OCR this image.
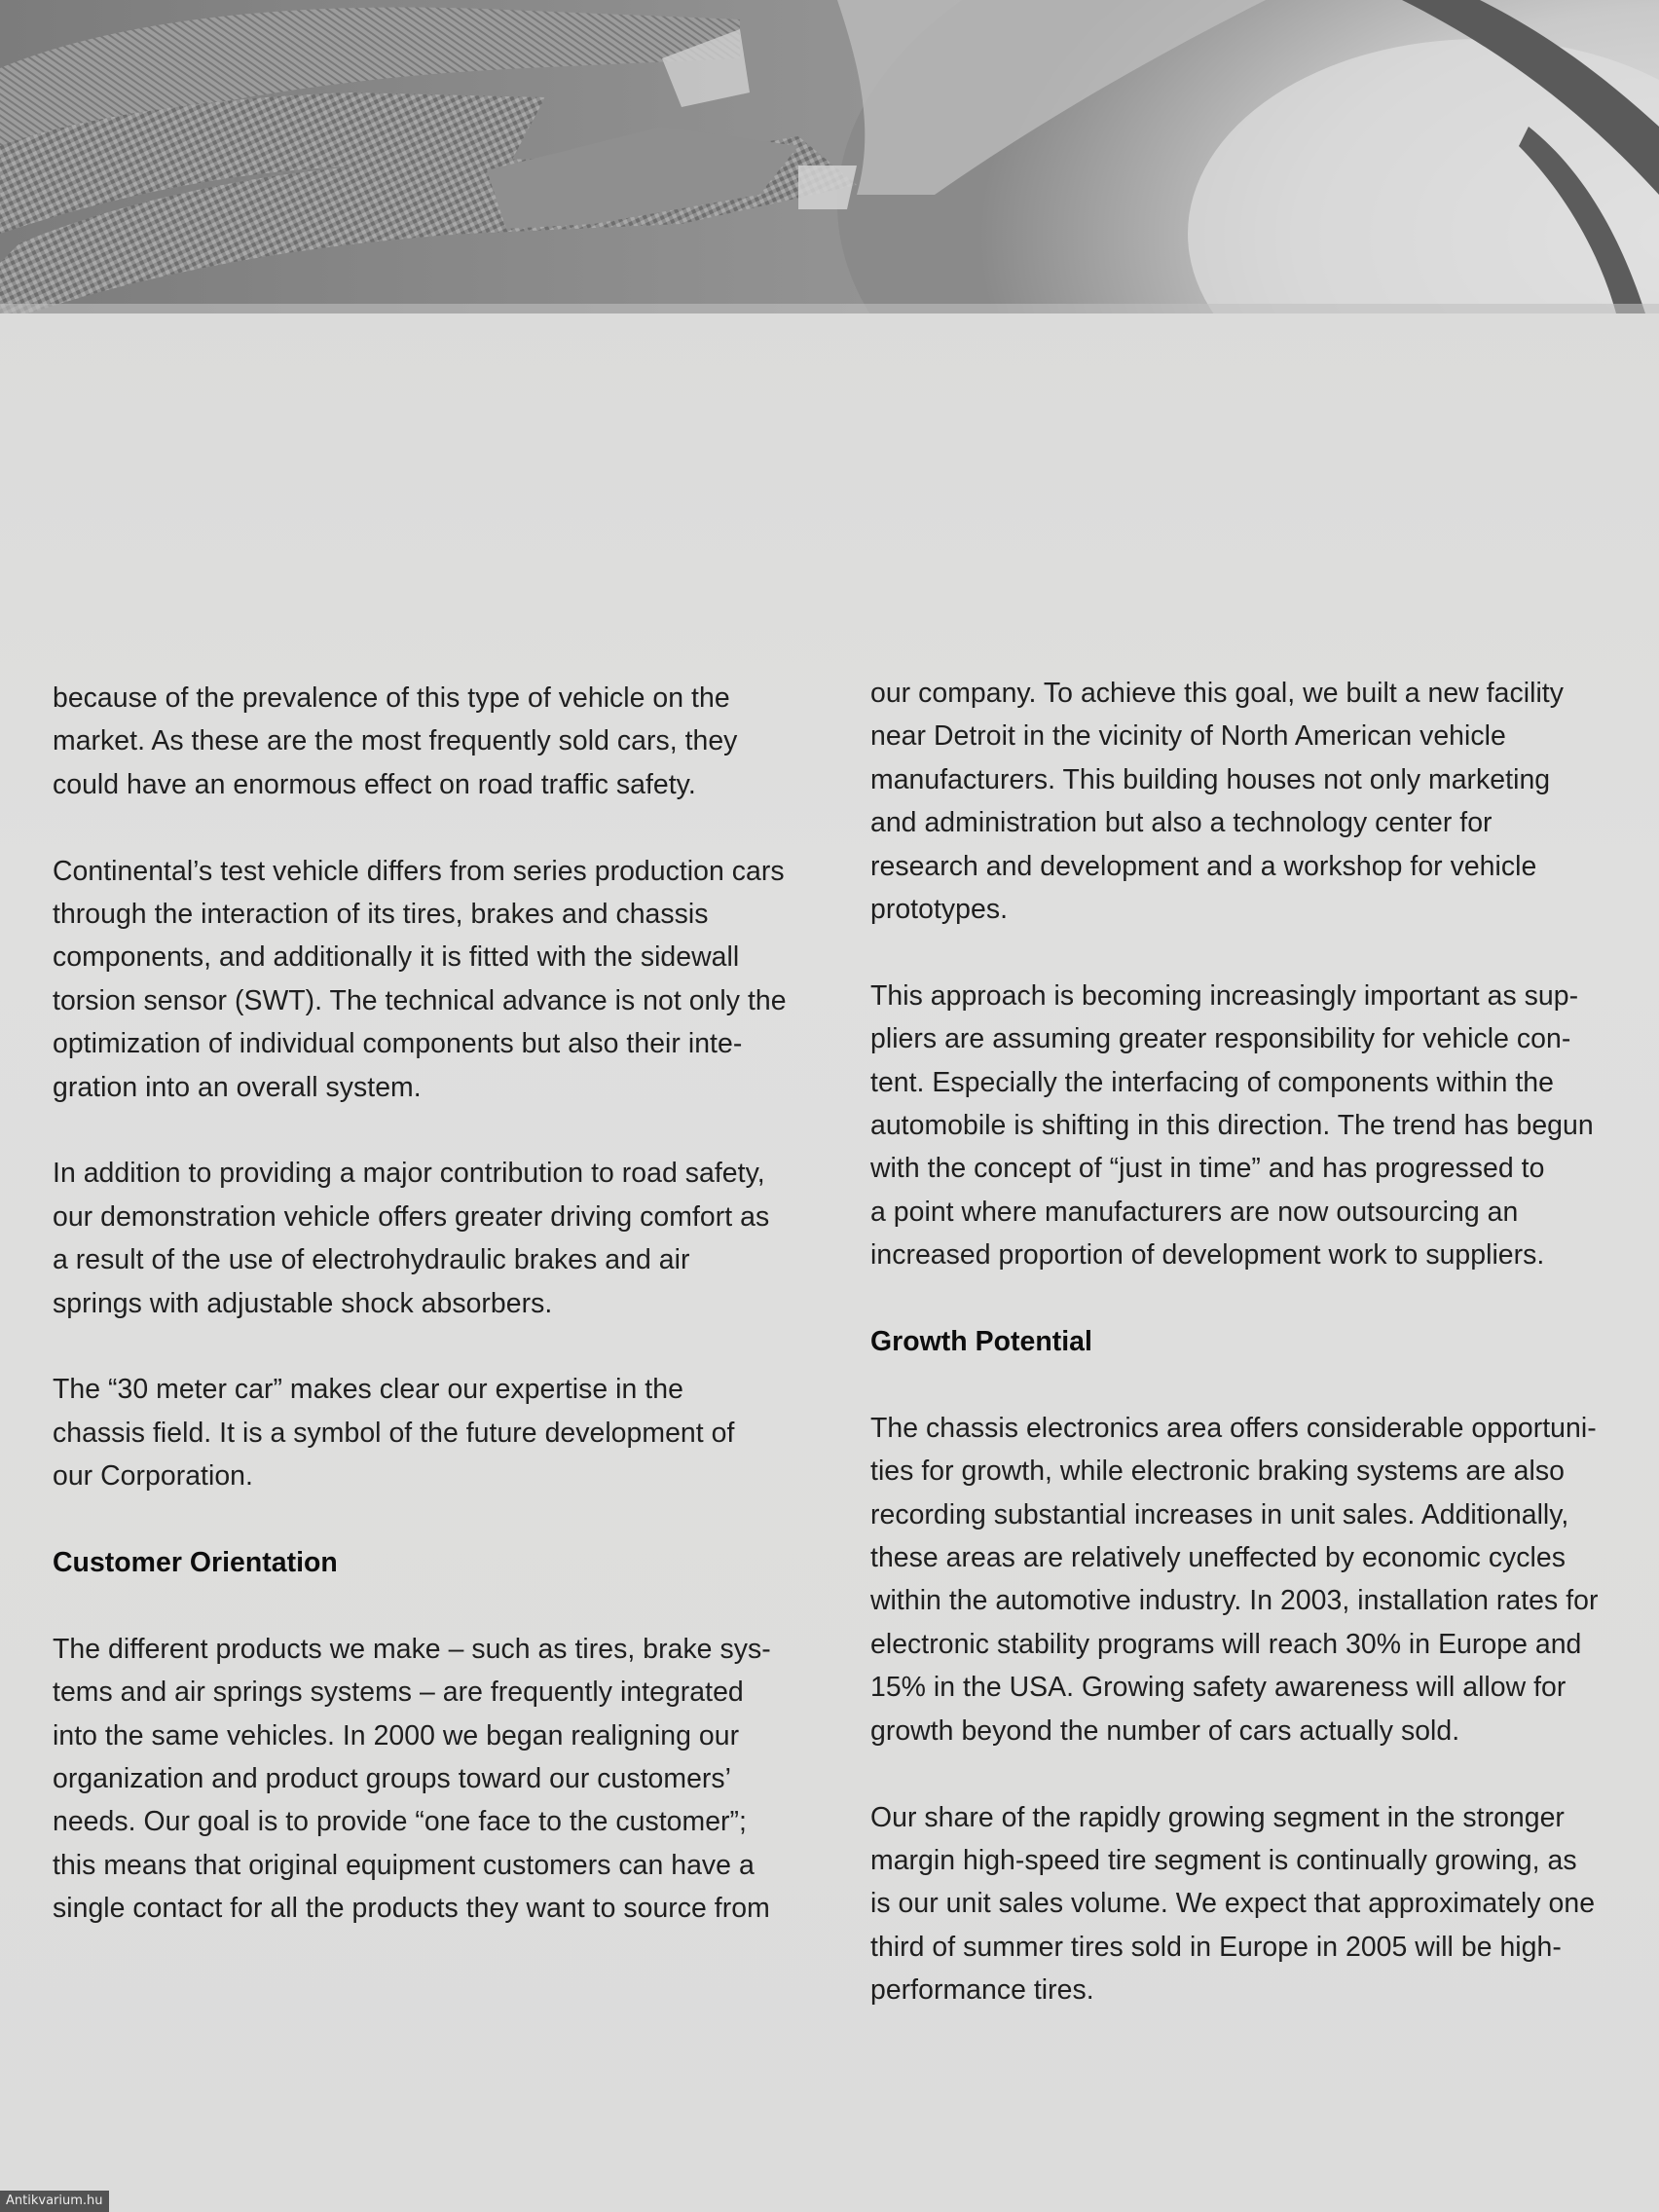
because of the prevalence of this type of vehicle on the
market. As these are the most frequently sold cars, they
could have an enormous effect on road traffic safety.

Continental’s test vehicle differs from series production cars
through the interaction of its tires, brakes and chassis
components, and additionally it is fitted with the sidewall
torsion sensor (SWT). The technical advance is not only the
optimization of individual components but also their inte-
gration into an overall system.

In addition to providing a major contribution to road safety,
our demonstration vehicle offers greater driving comfort as
a result of the use of electrohydraulic brakes and air
springs with adjustable shock absorbers.

The “30 meter car” makes clear our expertise in the
chassis field. It is a symbol of the future development of
our Corporation.

Customer Orientation

The different products we make – such as tires, brake sys-
tems and air springs systems – are frequently integrated
into the same vehicles. In 2000 we began realigning our
organization and product groups toward our customers’
needs. Our goal is to provide “one face to the customer”;
this means that original equipment customers can have a
single contact for all the products they want to source from

our company. To achieve this goal, we built a new facility
near Detroit in the vicinity of North American vehicle
manufacturers. This building houses not only marketing
and administration but also a technology center for
research and development and a workshop for vehicle
prototypes.

This approach is becoming increasingly important as sup-
pliers are assuming greater responsibility for vehicle con-
tent. Especially the interfacing of components within the
automobile is shifting in this direction. The trend has begun
with the concept of “just in time” and has progressed to
a point where manufacturers are now outsourcing an
increased proportion of development work to suppliers.

Growth Potential

The chassis electronics area offers considerable opportuni-
ties for growth, while electronic braking systems are also
recording substantial increases in unit sales. Additionally,
these areas are relatively uneffected by economic cycles
within the automotive industry. In 2003, installation rates for
electronic stability programs will reach 30% in Europe and
15% in the USA. Growing safety awareness will allow for
growth beyond the number of cars actually sold.

Our share of the rapidly growing segment in the stronger
margin high-speed tire segment is continually growing, as
is our unit sales volume. We expect that approximately one
third of summer tires sold in Europe in 2005 will be high-
performance tires.

Antikvarium.hu
